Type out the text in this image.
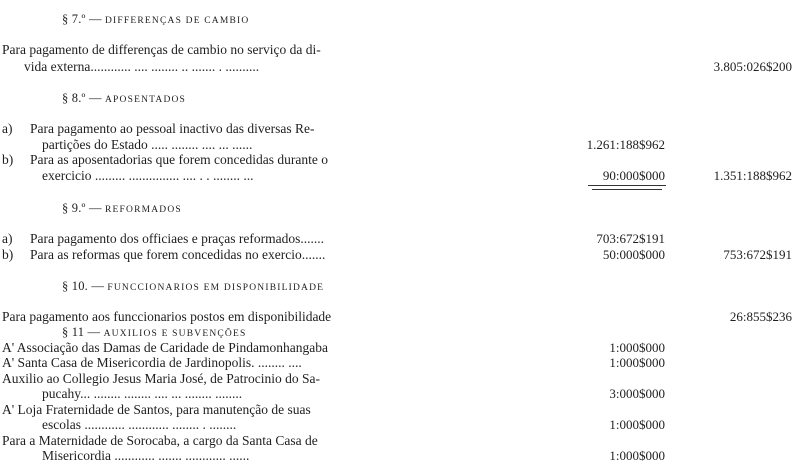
§ 7.º — DIFFERENÇAS DE CAMBIO
Para pagamento de differenças de cambio no serviço da di-
vida externa............ .... ........ .. ....... . ..........	3.805:026$200
§ 8.º — APOSENTADOS
a) Para pagamento ao pessoal inactivo das diversas Re-
partições do Estado ..... ........ .... ... ......	1.261:188$962
b) Para as aposentadorias que forem concedidas durante o
exercicio ......... ............... .... . . ........ ...	90:000$000	1.351:188$962
§ 9.º — REFORMADOS
a) Para pagamento dos officiaes e praças reformados.......	703:672$191
b) Para as reformas que forem concedidas no exercio.......	50:000$000	753:672$191
§ 10. — FUNCCIONARIOS EM DISPONIBILIDADE
Para pagamento aos funccionarios postos em disponibilidade	26:855$236
§ 11 — AUXILIOS E SUBVENÇÕES
A' Associação das Damas de Caridade de Pindamonhangaba	1:000$000
A' Santa Casa de Misericordia de Jardinopolis. ........ ....	1:000$000
Auxilio ao Collegio Jesus Maria José, de Patrocinio do Sa-
pucahy... ........ ........ .... ... ........ ........	3:000$000
A' Loja Fraternidade de Santos, para manutenção de suas
escolas ............ ............ ........ . ........	1:000$000
Para a Maternidade de Sorocaba, a cargo da Santa Casa de
Misericordia ............ ....... ............ ......	1:000$000
